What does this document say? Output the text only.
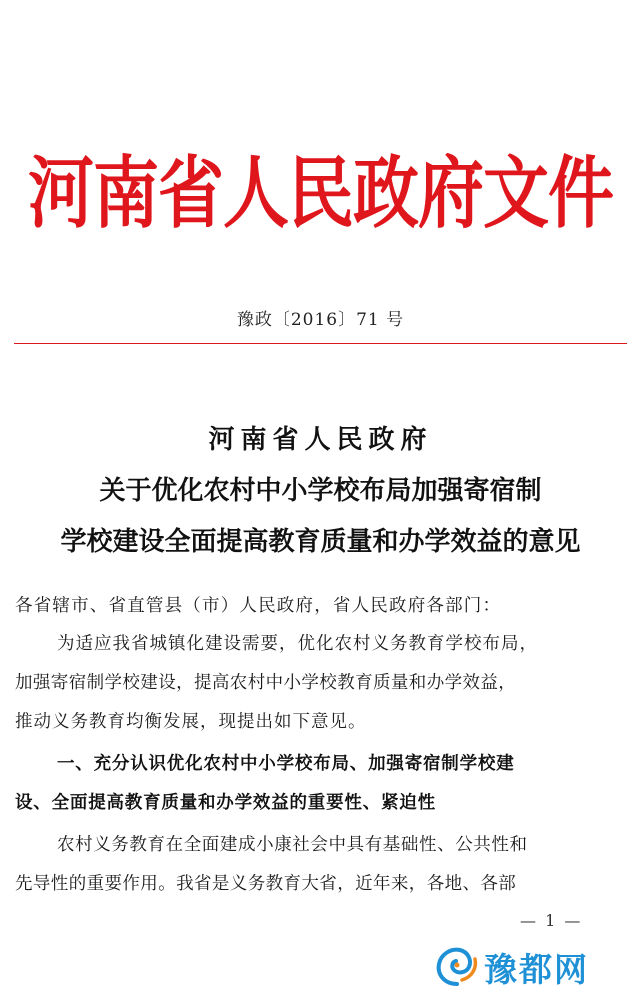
河南省人民政府文件
豫政〔2016〕71 号
河南省人民政府
关于优化农村中小学校布局加强寄宿制
学校建设全面提高教育质量和办学效益的意见
各省辖市、省直管县（市）人民政府，省人民政府各部门：
为适应我省城镇化建设需要，优化农村义务教育学校布局，
加强寄宿制学校建设，提高农村中小学校教育质量和办学效益，
推动义务教育均衡发展，现提出如下意见。
一、充分认识优化农村中小学校布局、加强寄宿制学校建
设、全面提高教育质量和办学效益的重要性、紧迫性
农村义务教育在全面建成小康社会中具有基础性、公共性和
先导性的重要作用。我省是义务教育大省，近年来，各地、各部
— 1 —
豫都网
